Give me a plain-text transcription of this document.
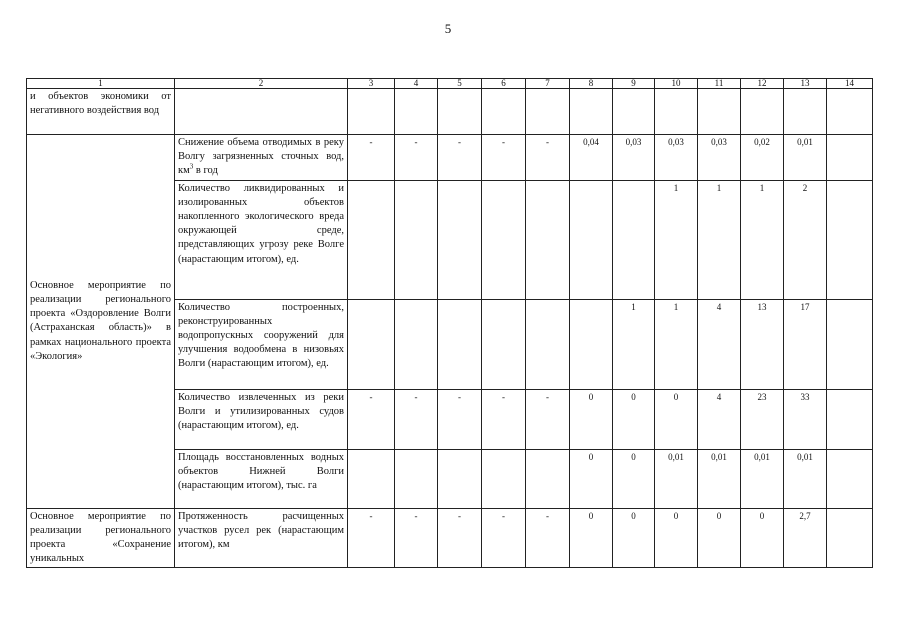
5
1	2	3	4	5	6	7	8	9	10	11	12	13	14
и объектов экономики от негативного воздействия вод													
Основное мероприятие по реализации регионального проекта «Оздоровление Волги (Астраханская область)» в рамках национального проекта «Экология»	Снижение объема отводимых в реку Волгу загрязненных сточных вод, $км^3$ в год	-	-	-	-	-	0,04	0,03	0,03	0,03	0,02	0,01	
	Количество ликвидированных и изолированных объектов накопленного экологического вреда окружающей среде, представляющих угрозу реке Волге (нарастающим итогом), ед.								1	1	1	2	
	Количество построенных, реконструированных водопропускных сооружений для улучшения водообмена в низовьях Волги (нарастающим итогом), ед.							1	1	4	13	17	
	Количество извлеченных из реки Волги и утилизированных судов (нарастающим итогом), ед.	-	-	-	-	-	0	0	0	4	23	33	
	Площадь восстановленных водных объектов Нижней Волги (нарастающим итогом), тыс. га						0	0	0,01	0,01	0,01	0,01	
Основное мероприятие по реализации регионального проекта «Сохранение уникальных	Протяженность расчищенных участков русел рек (нарастающим итогом), км	-	-	-	-	-	0	0	0	0	0	2,7	
